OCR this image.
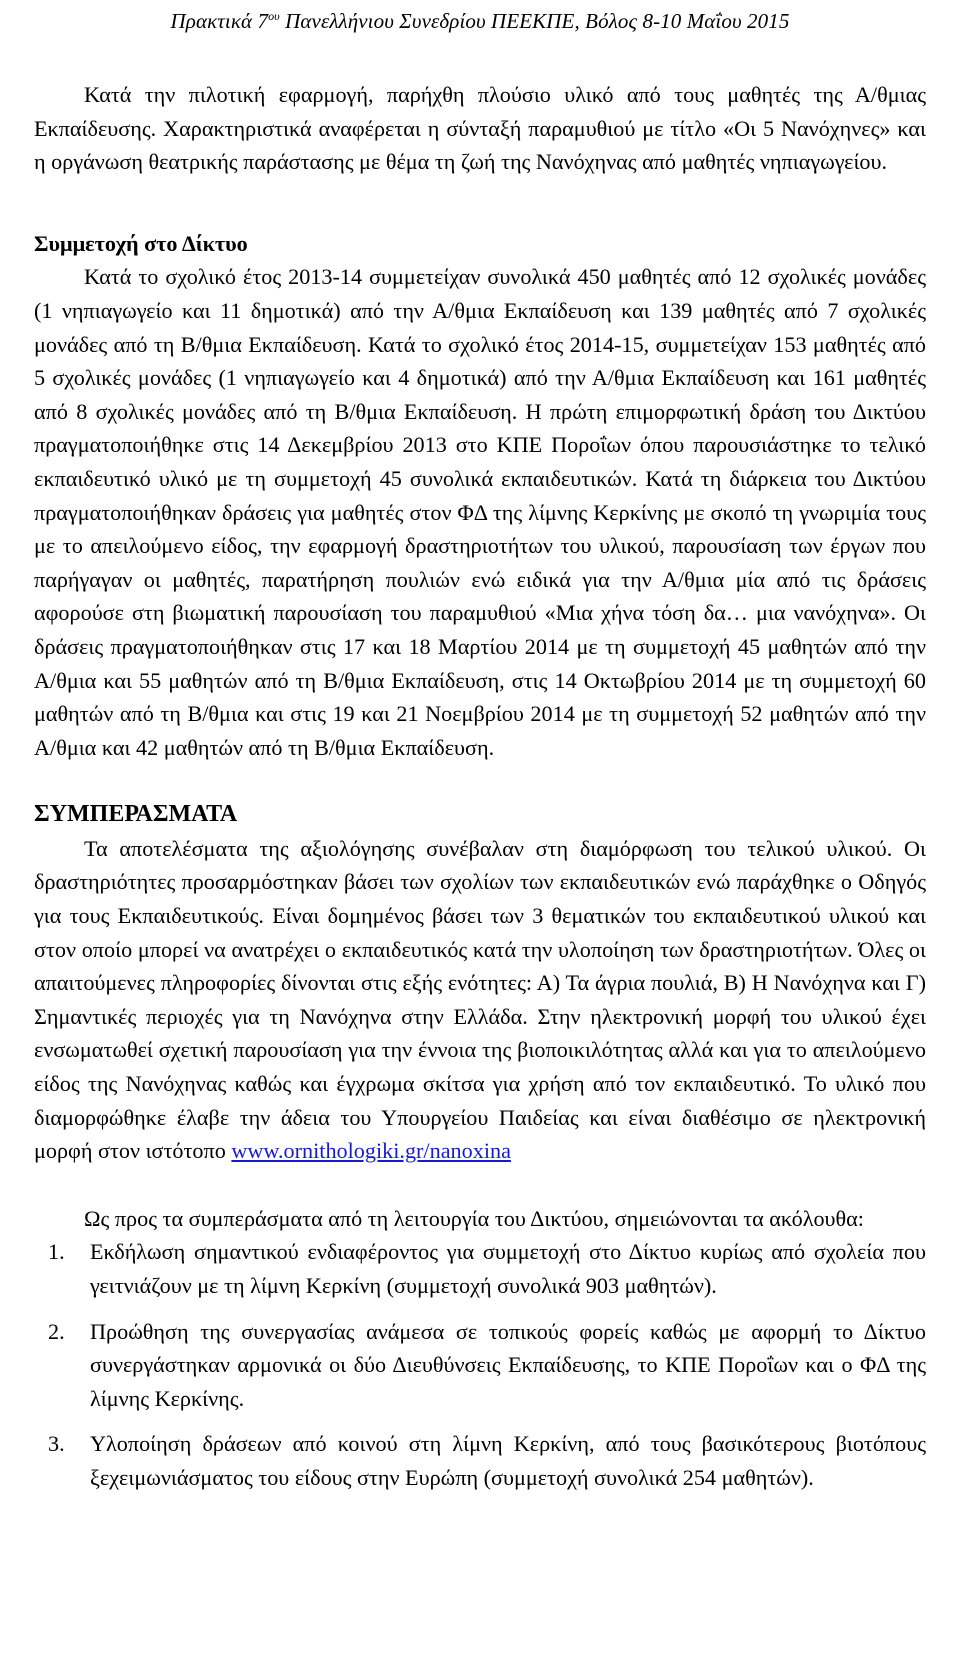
Πρακτικά $7^{o\upsilon}$ Πανελλήνιου Συνεδρίου ΠΕΕΚΠΕ, Βόλος 8-10 Μαΐου 2015

Κατά την πιλοτική εφαρμογή, παρήχθη πλούσιο υλικό από τους μαθητές της Α/θμιας Εκπαίδευσης. Χαρακτηριστικά αναφέρεται η σύνταξή παραμυθιού με τίτλο «Οι 5 Νανόχηνες» και η οργάνωση θεατρικής παράστασης με θέμα τη ζωή της Νανόχηνας από μαθητές νηπιαγωγείου.

Συμμετοχή στο Δίκτυο

Κατά το σχολικό έτος 2013-14 συμμετείχαν συνολικά 450 μαθητές από 12 σχολικές μονάδες (1 νηπιαγωγείο και 11 δημοτικά) από την Α/θμια Εκπαίδευση και 139 μαθητές από 7 σχολικές μονάδες από τη Β/θμια Εκπαίδευση. Κατά το σχολικό έτος 2014-15, συμμετείχαν 153 μαθητές από 5 σχολικές μονάδες (1 νηπιαγωγείο και 4 δημοτικά) από την Α/θμια Εκπαίδευση και 161 μαθητές από 8 σχολικές μονάδες από τη Β/θμια Εκπαίδευση. Η πρώτη επιμορφωτική δράση του Δικτύου πραγματοποιήθηκε στις 14 Δεκεμβρίου 2013 στο ΚΠΕ Ποροΐων όπου παρουσιάστηκε το τελικό εκπαιδευτικό υλικό με τη συμμετοχή 45 συνολικά εκπαιδευτικών. Κατά τη διάρκεια του Δικτύου πραγματοποιήθηκαν δράσεις για μαθητές στον ΦΔ της λίμνης Κερκίνης με σκοπό τη γνωριμία τους με το απειλούμενο είδος, την εφαρμογή δραστηριοτήτων του υλικού, παρουσίαση των έργων που παρήγαγαν οι μαθητές, παρατήρηση πουλιών ενώ ειδικά για την Α/θμια μία από τις δράσεις αφορούσε στη βιωματική παρουσίαση του παραμυθιού «Μια χήνα τόση δα… μια νανόχηνα». Οι δράσεις πραγματοποιήθηκαν στις 17 και 18 Μαρτίου 2014 με τη συμμετοχή 45 μαθητών από την Α/θμια και 55 μαθητών από τη Β/θμια Εκπαίδευση, στις 14 Οκτωβρίου 2014 με τη συμμετοχή 60 μαθητών από τη Β/θμια και στις 19 και 21 Νοεμβρίου 2014 με τη συμμετοχή 52 μαθητών από την Α/θμια και 42 μαθητών από τη Β/θμια Εκπαίδευση.

ΣΥΜΠΕΡΑΣΜΑΤΑ

Τα αποτελέσματα της αξιολόγησης συνέβαλαν στη διαμόρφωση του τελικού υλικού. Οι δραστηριότητες προσαρμόστηκαν βάσει των σχολίων των εκπαιδευτικών ενώ παράχθηκε ο Οδηγός για τους Εκπαιδευτικούς. Είναι δομημένος βάσει των 3 θεματικών του εκπαιδευτικού υλικού και στον οποίο μπορεί να ανατρέχει ο εκπαιδευτικός κατά την υλοποίηση των δραστηριοτήτων. Όλες οι απαιτούμενες πληροφορίες δίνονται στις εξής ενότητες: Α) Τα άγρια πουλιά, Β) Η Νανόχηνα και Γ) Σημαντικές περιοχές για τη Νανόχηνα στην Ελλάδα. Στην ηλεκτρονική μορφή του υλικού έχει ενσωματωθεί σχετική παρουσίαση για την έννοια της βιοποικιλότητας αλλά και για το απειλούμενο είδος της Νανόχηνας καθώς και έγχρωμα σκίτσα για χρήση από τον εκπαιδευτικό. Το υλικό που διαμορφώθηκε έλαβε την άδεια του Υπουργείου Παιδείας και είναι διαθέσιμο σε ηλεκτρονική μορφή στον ιστότοπο www.ornithologiki.gr/nanoxina

Ως προς τα συμπεράσματα από τη λειτουργία του Δικτύου, σημειώνονται τα ακόλουθα:

1. Εκδήλωση σημαντικού ενδιαφέροντος για συμμετοχή στο Δίκτυο κυρίως από σχολεία που γειτνιάζουν με τη λίμνη Κερκίνη (συμμετοχή συνολικά 903 μαθητών).
2. Προώθηση της συνεργασίας ανάμεσα σε τοπικούς φορείς καθώς με αφορμή το Δίκτυο συνεργάστηκαν αρμονικά οι δύο Διευθύνσεις Εκπαίδευσης, το ΚΠΕ Ποροΐων και ο ΦΔ της λίμνης Κερκίνης.
3. Υλοποίηση δράσεων από κοινού στη λίμνη Κερκίνη, από τους βασικότερους βιοτόπους ξεχειμωνιάσματος του είδους στην Ευρώπη (συμμετοχή συνολικά 254 μαθητών).
